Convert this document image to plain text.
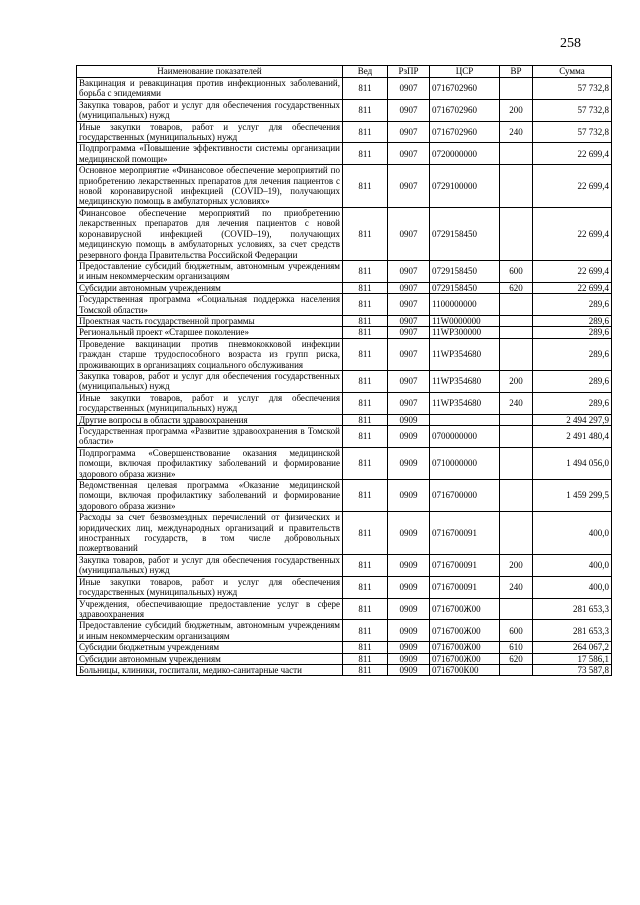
258
Наименование показателей	Вед	РзПР	ЦСР	ВР	Сумма
Вакцинация и ревакцинация против инфекционных заболеваний, борьба с эпидемиями	811	0907	0716702960		57 732,8
Закупка товаров, работ и услуг для обеспечения государственных (муниципальных) нужд	811	0907	0716702960	200	57 732,8
Иные закупки товаров, работ и услуг для обеспечения государственных (муниципальных) нужд	811	0907	0716702960	240	57 732,8
Подпрограмма «Повышение эффективности системы организации медицинской помощи»	811	0907	0720000000		22 699,4
Основное мероприятие «Финансовое обеспечение мероприятий по приобретению лекарственных препаратов для лечения пациентов с новой коронавирусной инфекцией (COVID–19), получающих медицинскую помощь в амбулаторных условиях»	811	0907	0729100000		22 699,4
Финансовое обеспечение мероприятий по приобретению лекарственных препаратов для лечения пациентов с новой коронавирусной инфекцией (COVID–19), получающих медицинскую помощь в амбулаторных условиях, за счет средств резервного фонда Правительства Российской Федерации	811	0907	0729158450		22 699,4
Предоставление субсидий бюджетным, автономным учреждениям и иным некоммерческим организациям	811	0907	0729158450	600	22 699,4
Субсидии автономным учреждениям	811	0907	0729158450	620	22 699,4
Государственная программа «Социальная поддержка населения Томской области»	811	0907	1100000000		289,6
Проектная часть государственной программы	811	0907	11W0000000		289,6
Региональный проект «Старшее поколение»	811	0907	11WP300000		289,6
Проведение вакцинации против пневмококковой инфекции граждан старше трудоспособного возраста из групп риска, проживающих в организациях социального обслуживания	811	0907	11WP354680		289,6
Закупка товаров, работ и услуг для обеспечения государственных (муниципальных) нужд	811	0907	11WP354680	200	289,6
Иные закупки товаров, работ и услуг для обеспечения государственных (муниципальных) нужд	811	0907	11WP354680	240	289,6
Другие вопросы в области здравоохранения	811	0909			2 494 297,9
Государственная программа «Развитие здравоохранения в Томской области»	811	0909	0700000000		2 491 480,4
Подпрограмма «Совершенствование оказания медицинской помощи, включая профилактику заболеваний и формирование здорового образа жизни»	811	0909	0710000000		1 494 056,0
Ведомственная целевая программа «Оказание медицинской помощи, включая профилактику заболеваний и формирование здорового образа жизни»	811	0909	0716700000		1 459 299,5
Расходы за счет безвозмездных перечислений от физических и юридических лиц, международных организаций и правительств иностранных государств, в том числе добровольных пожертвований	811	0909	0716700091		400,0
Закупка товаров, работ и услуг для обеспечения государственных (муниципальных) нужд	811	0909	0716700091	200	400,0
Иные закупки товаров, работ и услуг для обеспечения государственных (муниципальных) нужд	811	0909	0716700091	240	400,0
Учреждения, обеспечивающие предоставление услуг в сфере здравоохранения	811	0909	0716700Ж00		281 653,3
Предоставление субсидий бюджетным, автономным учреждениям и иным некоммерческим организациям	811	0909	0716700Ж00	600	281 653,3
Субсидии бюджетным учреждениям	811	0909	0716700Ж00	610	264 067,2
Субсидии автономным учреждениям	811	0909	0716700Ж00	620	17 586,1
Больницы, клиники, госпитали, медико-санитарные части	811	0909	0716700К00		73 587,8
